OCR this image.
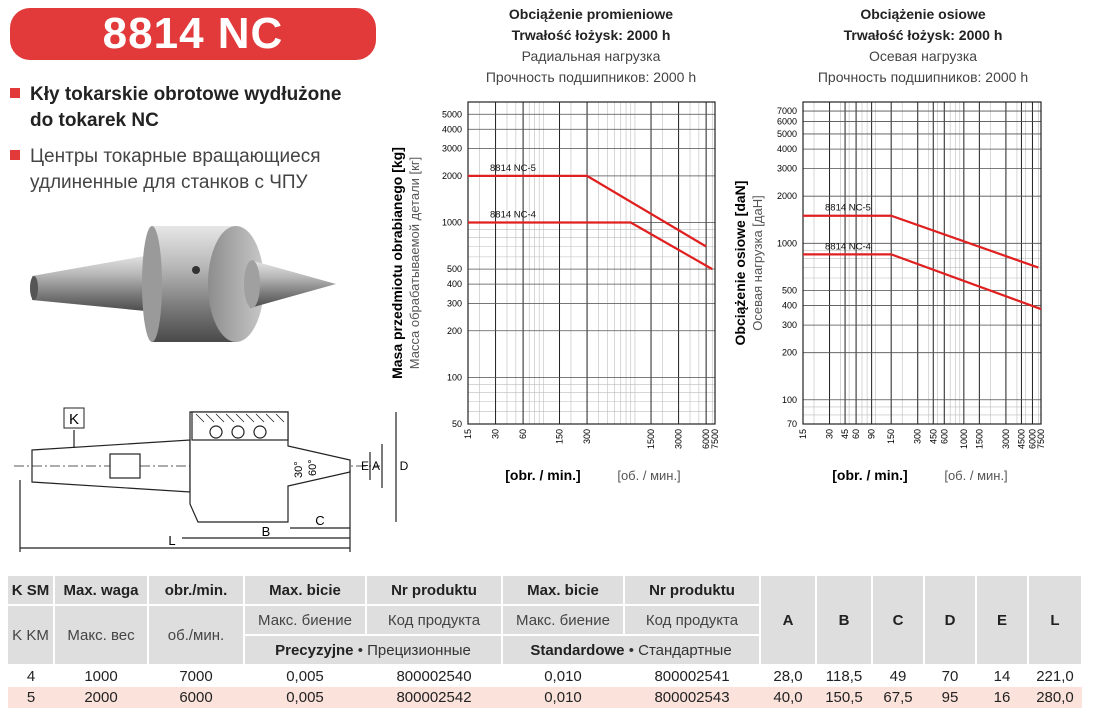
8814 NC
Kły tokarskie obrotowe wydłużone
do tokarek NC
Центры токарные вращающиеся
удлиненные для станков с ЧПУ
K
L
B
C
A
E	D
30° 60°
Obciążenie promieniowe
Trwałość łożysk: 2000 h
Радиальная нагрузка
Прочность подшипников: 2000 h
Obciążenie osiowe
Trwałość łożysk: 2000 h
Осевая нагрузка
Прочность подшипников: 2000 h
15 30 60	150 300	1500 3000 6000
7500
50
100
200
300
400
500
1000
2000
3000
4000
5000
8814 NC-5
8814 NC-4
Masa przedmiotu obrabianego [kg] Масса обрабатываемой детали [кг]
[obr. / min.]	[об. / мин.]
15 30 45 60 90 150 300 450 600 1000 1500 3000 4500 6000
7500
70
100
200
300
400
500
1000
2000
3000
4000
5000
6000
7000
8814 NC-5
8814 NC-4
Obciążenie osiowe [daN] Осевая нагрузка [даН]
[obr. / min.]	[об. / мин.]
K SM	Max. waga	obr./min.	Max. bicie	Nr produktu	Max. bicie	Nr produktu	A	B	C	D	E	L
K KM	Макс. вес	об./мин.	Макс. биение	Код продукта	Макс. биение	Код продукта						
			Precyzyjne • Прецизионные		Standardowe • Стандартные							
4	1000	7000	0,005	800002540	0,010	800002541	28,0	118,5	49	70	14	221,0
5	2000	6000	0,005	800002542	0,010	800002543	40,0	150,5	67,5	95	16	280,0
